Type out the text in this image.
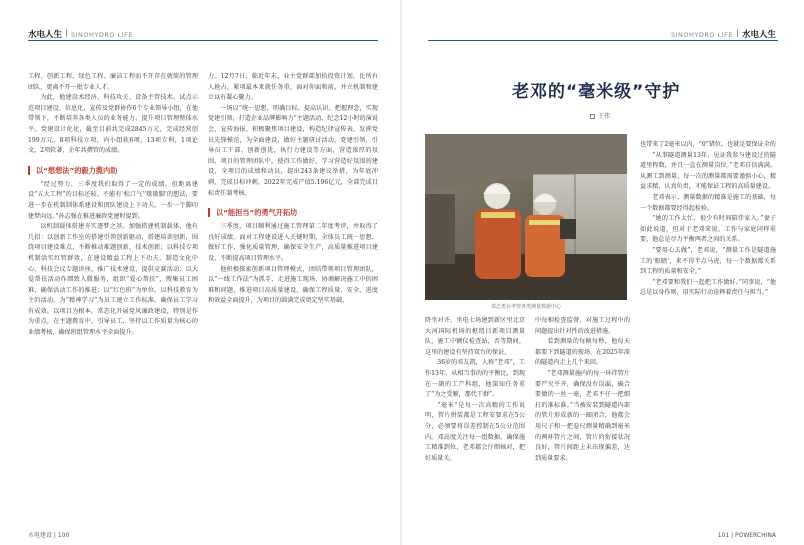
水电人生 SINOHYDRO LIFE

工程、创新工程、绿色工程、廉洁工程而不开存在就简的管理团队，更离不开一批专业人才。

为此，他建设术经济、科技攻关、设备主管技术、试点示范项目建设、信息化、宣传及党群协作6个专业领导小组，在他带领下，不断培养各类人员的业务能力，提升项目管理整体水平。党建设计化化，截至目前共完成2845万元，完成经营创199万元，8项科技立项，内小组获6项，13项专利，1项论文，2项软著，企年共撰管的成绩。

以“想想法”的毅力揽内助

“经过努力，三季度我们取得了一定的成绩，但距离建设“五大工程”的目标还较。不能有‘松口气’‘歇歇脚’的想法，要进一步在机制制体系建设和团队建设上下功夫。一步一个脚印建梦向远。”孙志强在推进廉政党建时提到。

以机制载体搭建夯实逐梦之基。加强搭建机制载体，他有几招：以创新工作室的搭建引领创新驱动，搭建培训创新，围绕项目建设难点，不断推动难题创新，技术创新；以科技专项机制活实红管群效，在建设精益工程上下功夫，制造文化中心、科技会议专题讲座，推广技术建设，提供竞赛活动；以大爱帮扶活动作细致入微服务，组织“爱心帮扶”，搜集员工困难，确保活动工作的推进；以“红色班”为单位，以科技教育为主的活动，为“精神学习”为员工建立工作标准，确保员工学习有成效。以项目为根本，常态化开展党风廉政建设，特别是作为重点，在主题教育中，引导员工，坚持以工作质量为核心的业绩考核，确保班组管理水平全面提升。

力。12月7日，临近年末，业主党群部加拾投资计划，比所有人抢占，紧项最本来就任务重，面对你面和前，并立机制和建立以有凝心聚力。

一场以“统一思想、明确目标、提高认识、把握理念，实现党建引领，打造企业品牌影响力”主题活动，纪念12小时的演说会，宣传海报、积极聚焦项目建设，构造纪律宣传表，发挥党员先锋模范，为全面建设，做好主题研讨活动，党建引领，引导员工干部、创新创优，执行力建设等方面，营造浓厚的氛围，项目的管理团队中，使得工作做好，学习营造好氛围的建设，全项目的成绩和动员，提出243条建议举措，为年底冲刺，完成目标冲刺，2022年完成产值5.196亿元，全部完成目标责任制考核。

以“能担当”的勇气开拓坊

三季度，项目顺利通过施工管理第二年度考评，并取得了良好成绩。面对工程建设进入关键时期，全体员工统一思想，做好工作，强化质量管理，确保安全生产，高质量推进项目建设，不断提高项目管理水平。

他积极探索创新项目管理模式，团结带领项目管理团队，以“一线工作法”为抓手，走进施工现场，协调解决施工中的困难和问题，推进项目高质量建设，确保工程质量、安全、进度和效益全面提升，为项目的圆满完成奠定坚实基础。

水电建设 | 100
SINOHYDRO LIFE 水电人生
老邓的“毫米级”守护
王伟
邓志勇在考察各类测量数据中心

降坐对齐，坐电七场建到新区里北京大河国际机场的枢纽目新项目测量队，施工中额仪检查站，否等期间，这里的建设有坚持双台的保证。

36岁的邓友凯，人称“老邓”，工作13年，从相当事的的平衡比，到现在一副的工产科组，他深知任务重了“为之受顺，那代干群”。

“毫米”是每一次高精的工作说明，管片拼装都是工程安要求在5公分，必须要将误差控制在5公分范围内。邓高度关注每一组数据，确保施工精准到位，老邓都会仔细核对，把好质量关。

中每相检查监督，对施工过程中的问题提出针对性的改进措施。

看到测量的每帧每秒，他每天都要下到隧道的现场，在2025年深的隧道内走上几个来回。

“老邓测量施内的每一环伴管片要严究平齐，确保没有误漏，确合要做的一丝一毫，老邓不仔一把细打的准标准。”当被安装到隧道内部的管片形成新的一圈闭合，他都会用尺子和一把卷尺测量精确到毫米的两环管片之间，管片的衔接状况良好，管片间距上未出现偏差，达到质量要求。

也带来了2毫米以内，“0”错位。也就是要保证全的

“从事隧道测量13年，见证我参与建设过的隧道里程数，并且一直在测量岗位。”老邓自信满满。从测工到测量，每一次的测量都需要谨慎小心，精益求精，认真负责，才能保证工程的高质量建设。

老邓表示，测量数据的精准是施工的基础，每一个数据都要经得起检验。

“她的工作太忙，很少有时间陪伴家人。”妻子如此说道，但对于老邓来说，工作与家庭同样重要，他总是尽力平衡两者之间的关系。

“要用心去做”，老邓说，“测量工作是隧道施工的‘眼睛’，来不得半点马虎，每一个数据都关系到工程的质量和安全。”

“老邓要和我们一起把工作做好。”同事说，“他总是以身作则，用实际行动诠释着责任与担当。”

101 | POWERCHINA
